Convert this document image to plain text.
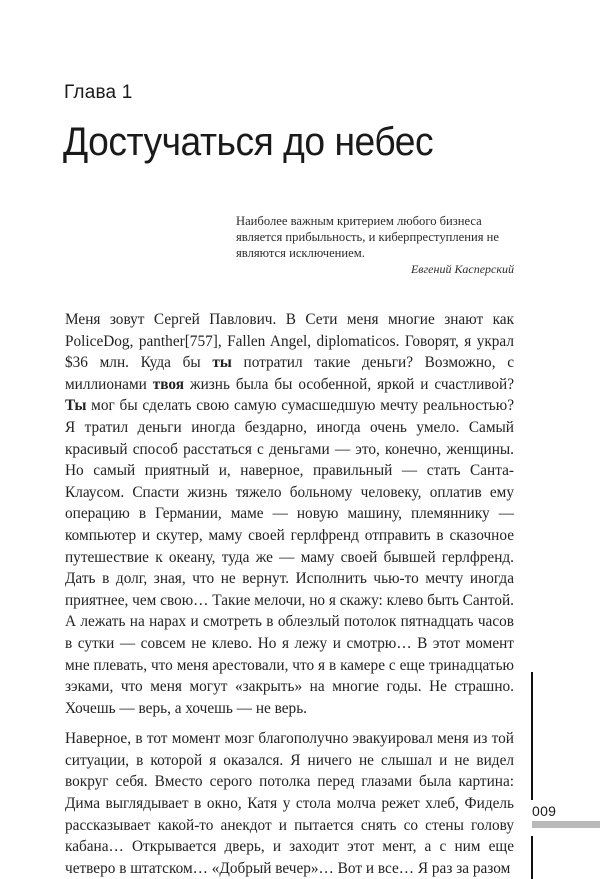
Глава 1
Достучаться до небес
Наиболее важным критерием любого бизнеса является прибыльность, и киберпреступления не являются исключением.
Евгений Касперский

Меня зовут Сергей Павлович. В Сети меня многие знают как PoliceDog, panther[757], Fallen Angel, diplomaticos. Говорят, я украл $36 млн. Куда бы ты потратил такие деньги? Возможно, с миллионами твоя жизнь была бы особенной, яркой и счастливой? Ты мог бы сделать свою самую сумасшедшую мечту реальностью? Я тратил деньги иногда бездарно, иногда очень умело. Самый красивый способ расстаться с деньгами — это, конечно, женщины. Но самый приятный и, наверное, правильный — стать Санта-Клаусом. Спасти жизнь тяжело больному человеку, оплатив ему операцию в Германии, маме — новую машину, племяннику — компьютер и скутер, маму своей герлфренд отправить в сказочное путешествие к океану, туда же — маму своей бывшей герлфренд. Дать в долг, зная, что не вернут. Исполнить чью-то мечту иногда приятнее, чем свою… Такие мелочи, но я скажу: клево быть Сантой. А лежать на нарах и смотреть в облезлый потолок пятнадцать часов в сутки — совсем не клево. Но я лежу и смотрю… В этот момент мне плевать, что меня арестовали, что я в камере с еще тринадцатью зэками, что меня могут «закрыть» на многие годы. Не страшно. Хочешь — верь, а хочешь — не верь.

Наверное, в тот момент мозг благополучно эвакуировал меня из той ситуации, в которой я оказался. Я ничего не слышал и не видел вокруг себя. Вместо серого потолка перед глазами была картина: Дима выглядывает в окно, Катя у стола молча режет хлеб, Фидель рассказывает какой-то анекдот и пытается снять со стены голову кабана… Открывается дверь, и заходит этот мент, а с ним еще четверо в штатском… «Добрый вечер»… Вот и все… Я раз за разом

009
